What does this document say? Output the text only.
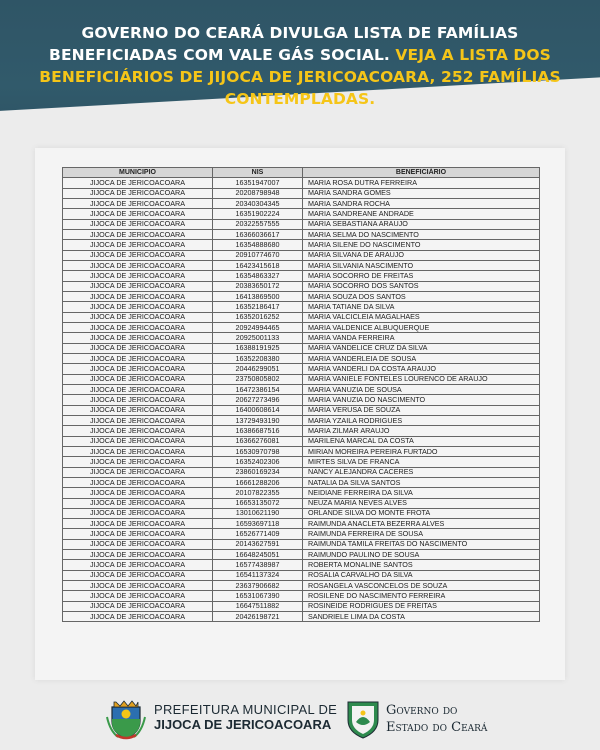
GOVERNO DO CEARÁ DIVULGA LISTA DE FAMÍLIAS BENEFICIADAS COM VALE GÁS SOCIAL. VEJA A LISTA DOS BENEFICIÁRIOS DE JIJOCA DE JERICOACOARA, 252 FAMÍLIAS CONTEMPLADAS.
MUNICIPIO	NIS	BENEFICIÁRIO
JIJOCA DE JERICOACOARA	16351947007	MARIA ROSA DUTRA FERREIRA
JIJOCA DE JERICOACOARA	20208798948	MARIA SANDRA GOMES
JIJOCA DE JERICOACOARA	20340304345	MARIA SANDRA ROCHA
JIJOCA DE JERICOACOARA	16351902224	MARIA SANDREANE ANDRADE
JIJOCA DE JERICOACOARA	20322557555	MARIA SEBASTIANA ARAUJO
JIJOCA DE JERICOACOARA	16366036617	MARIA SELMA DO NASCIMENTO
JIJOCA DE JERICOACOARA	16354888680	MARIA SILENE DO NASCIMENTO
JIJOCA DE JERICOACOARA	20910774670	MARIA SILVANA DE ARAUJO
JIJOCA DE JERICOACOARA	16423415618	MARIA SILVANIA NASCIMENTO
JIJOCA DE JERICOACOARA	16354863327	MARIA SOCORRO DE FREITAS
JIJOCA DE JERICOACOARA	20383650172	MARIA SOCORRO DOS SANTOS
JIJOCA DE JERICOACOARA	16413869500	MARIA SOUZA DOS SANTOS
JIJOCA DE JERICOACOARA	16352186417	MARIA TATIANE DA SILVA
JIJOCA DE JERICOACOARA	16352016252	MARIA VALCICLEIA MAGALHAES
JIJOCA DE JERICOACOARA	20924994465	MARIA VALDENICE ALBUQUERQUE
JIJOCA DE JERICOACOARA	20925001133	MARIA VANDA FERREIRA
JIJOCA DE JERICOACOARA	16388191925	MARIA VANDELICE CRUZ DA SILVA
JIJOCA DE JERICOACOARA	16352208380	MARIA VANDERLEIA DE SOUSA
JIJOCA DE JERICOACOARA	20446299051	MARIA VANDERLI DA COSTA ARAUJO
JIJOCA DE JERICOACOARA	23750805802	MARIA VANIELE FONTELES LOURENCO DE ARAUJO
JIJOCA DE JERICOACOARA	16472386154	MARIA VANUZIA DE SOUSA
JIJOCA DE JERICOACOARA	20627273496	MARIA VANUZIA DO NASCIMENTO
JIJOCA DE JERICOACOARA	16400608614	MARIA VERUSA DE SOUZA
JIJOCA DE JERICOACOARA	13729493190	MARIA YZAILA RODRIGUES
JIJOCA DE JERICOACOARA	16386687516	MARIA ZILMAR ARAUJO
JIJOCA DE JERICOACOARA	16366276081	MARILENA MARCAL DA COSTA
JIJOCA DE JERICOACOARA	16530970798	MIRIAN MOREIRA PEREIRA FURTADO
JIJOCA DE JERICOACOARA	16352402306	MIRTES SILVA DE FRANCA
JIJOCA DE JERICOACOARA	23860169234	NANCY ALEJANDRA CACERES
JIJOCA DE JERICOACOARA	16661288206	NATALIA DA SILVA SANTOS
JIJOCA DE JERICOACOARA	20107822355	NEIDIANE FERREIRA DA SILVA
JIJOCA DE JERICOACOARA	16653135072	NEUZA MARIA NEVES ALVES
JIJOCA DE JERICOACOARA	13010621190	ORLANDE SILVA DO MONTE FROTA
JIJOCA DE JERICOACOARA	16593697118	RAIMUNDA ANACLETA BEZERRA ALVES
JIJOCA DE JERICOACOARA	16526771409	RAIMUNDA FERREIRA DE SOUSA
JIJOCA DE JERICOACOARA	20143627591	RAIMUNDA TAMILA FREITAS DO NASCIMENTO
JIJOCA DE JERICOACOARA	16648245051	RAIMUNDO PAULINO DE SOUSA
JIJOCA DE JERICOACOARA	16577438987	ROBERTA MONALINE SANTOS
JIJOCA DE JERICOACOARA	16541137324	ROSALIA CARVALHO DA SILVA
JIJOCA DE JERICOACOARA	23637906682	ROSANGELA VASCONCELOS DE SOUZA
JIJOCA DE JERICOACOARA	16531067390	ROSILENE DO NASCIMENTO FERREIRA
JIJOCA DE JERICOACOARA	16647511882	ROSINEIDE RODRIGUES DE FREITAS
JIJOCA DE JERICOACOARA	20426198721	SANDRIELE LIMA DA COSTA
PREFEITURA MUNICIPAL DE
JIJOCA DE JERICOACOARA
Governo do
Estado do Ceará
